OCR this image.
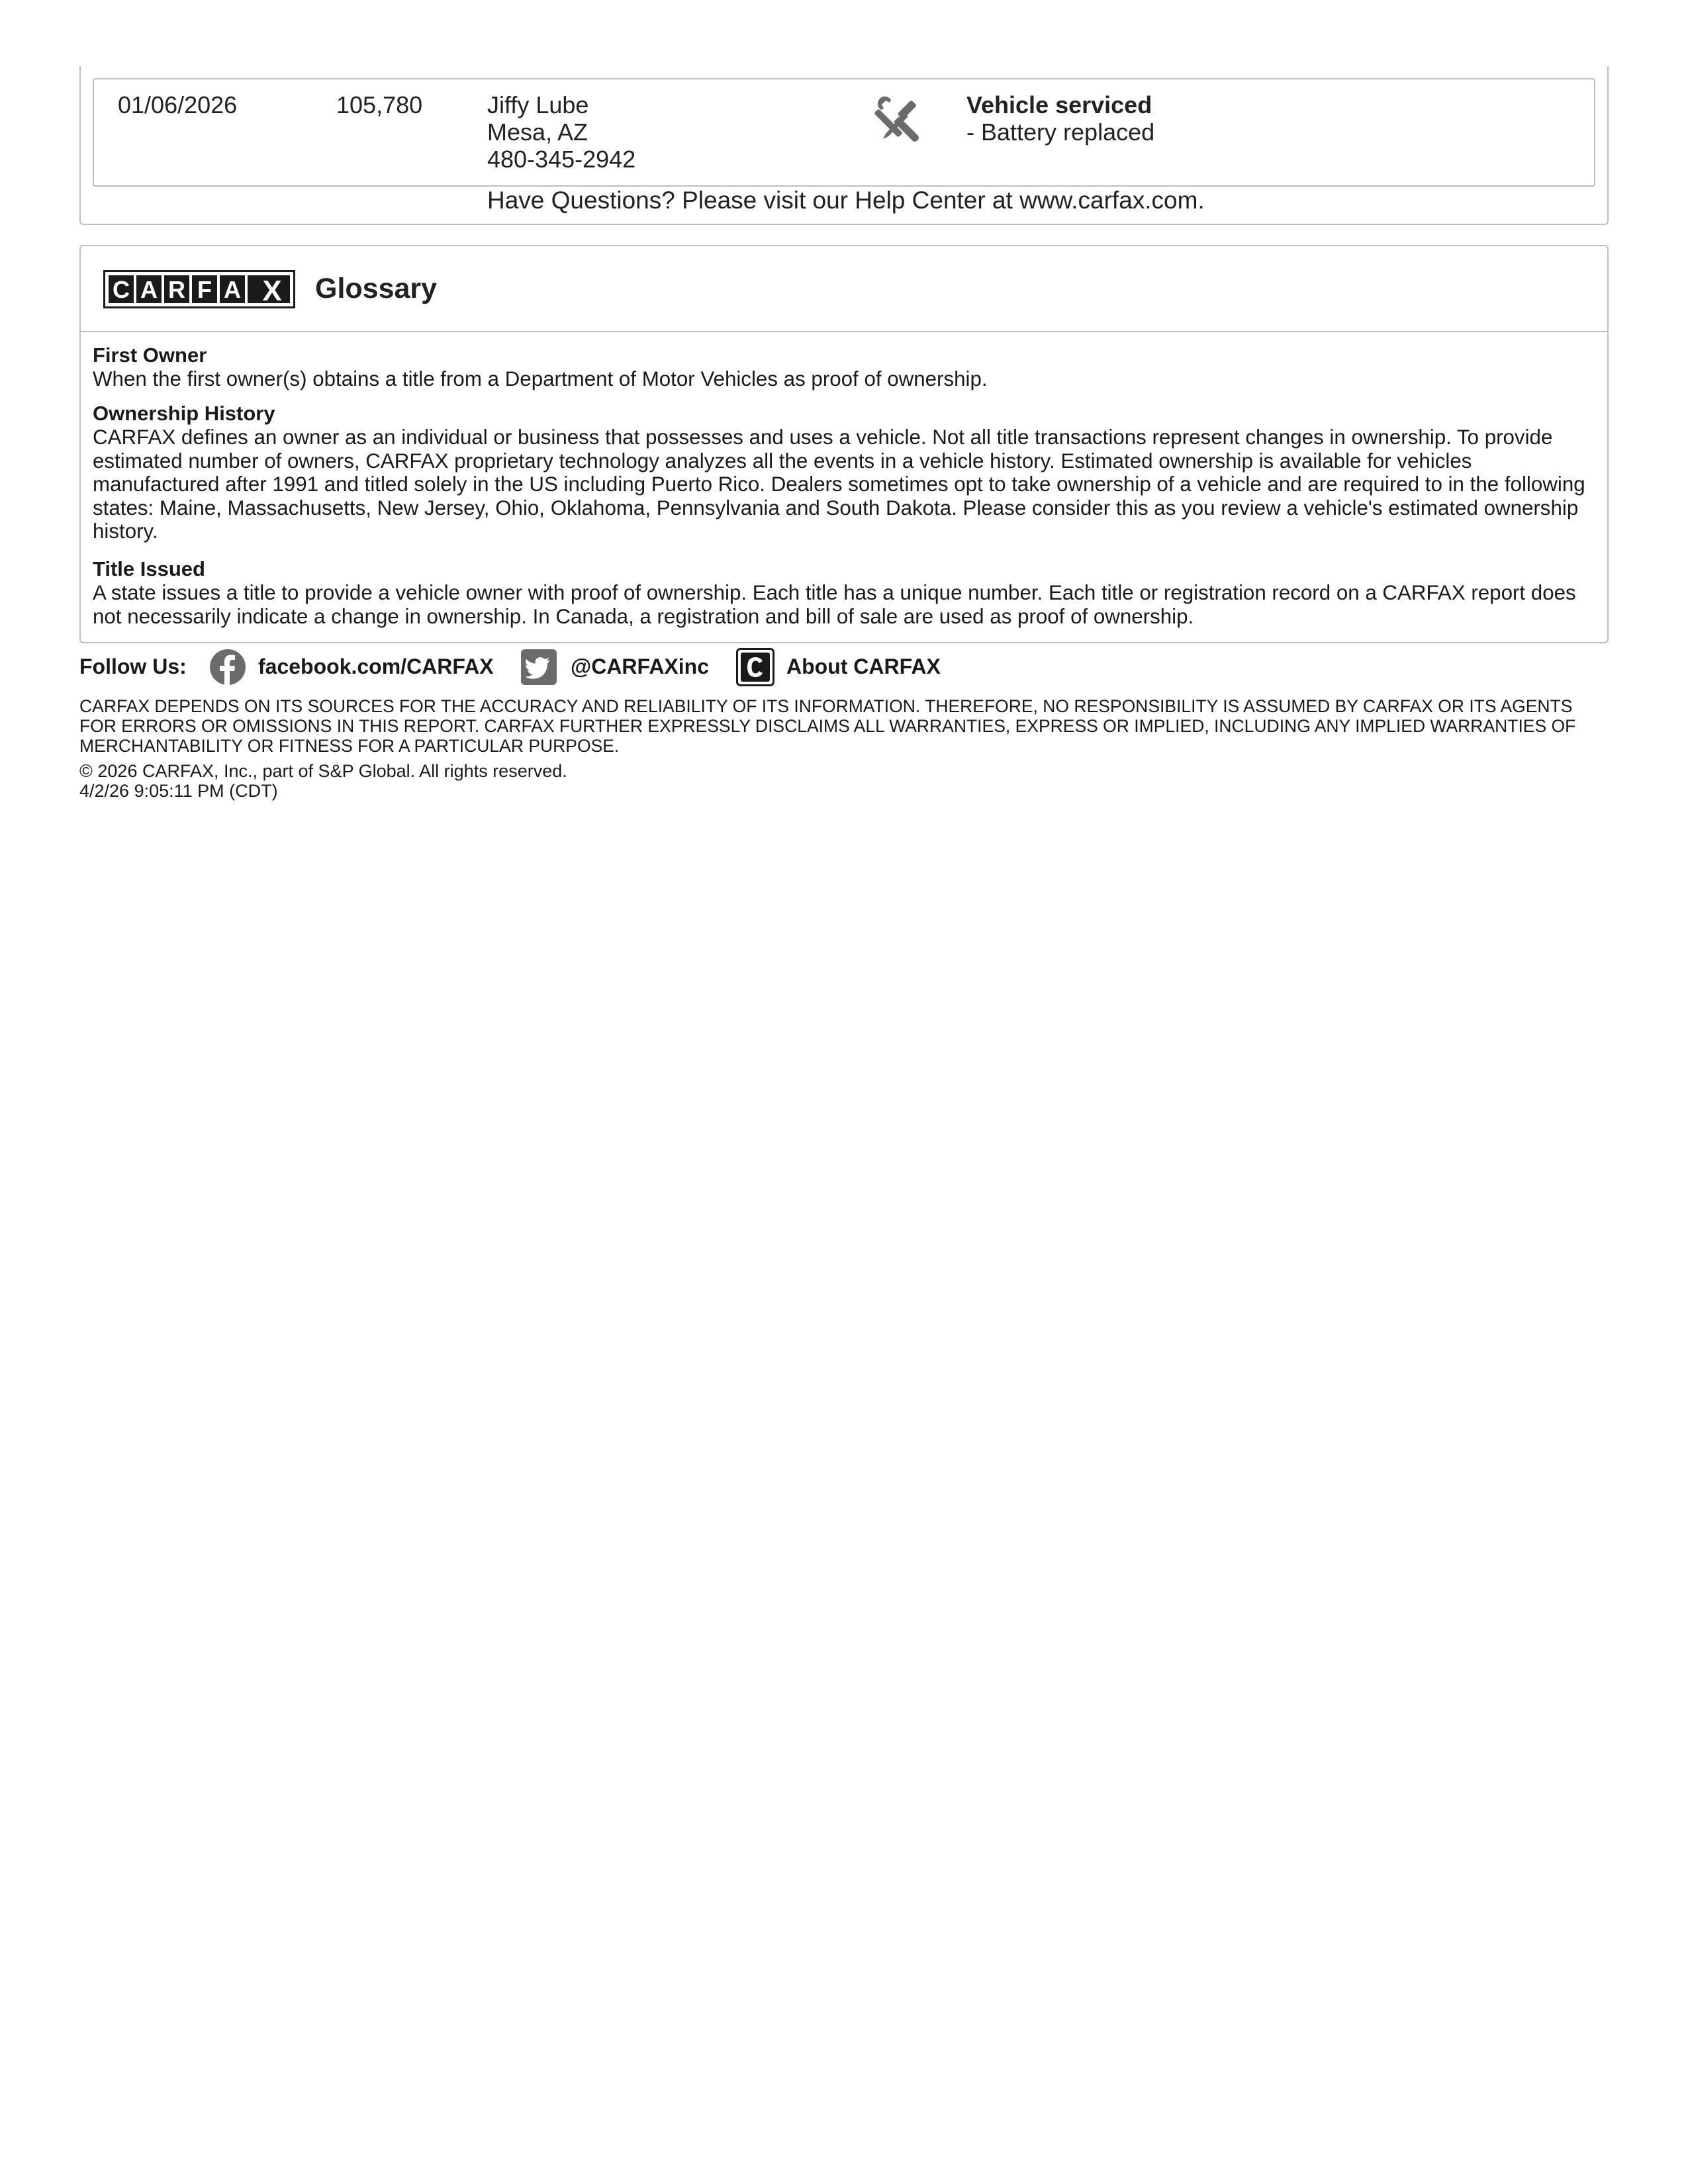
01/06/2026	105,780	Jiffy Lube
Mesa, AZ
480-345-2942
Vehicle serviced
- Battery replaced
Have Questions? Please visit our Help Center at www.carfax.com.
C A R F A X Glossary
First Owner
When the first owner(s) obtains a title from a Department of Motor Vehicles as proof of ownership.
Ownership History
CARFAX defines an owner as an individual or business that possesses and uses a vehicle. Not all title transactions represent changes in ownership. To provide estimated number of owners, CARFAX proprietary technology analyzes all the events in a vehicle history. Estimated ownership is available for vehicles manufactured after 1991 and titled solely in the US including Puerto Rico. Dealers sometimes opt to take ownership of a vehicle and are required to in the following states: Maine, Massachusetts, New Jersey, Ohio, Oklahoma, Pennsylvania and South Dakota. Please consider this as you review a vehicle's estimated ownership history.
Title Issued
A state issues a title to provide a vehicle owner with proof of ownership. Each title has a unique number. Each title or registration record on a CARFAX report does not necessarily indicate a change in ownership. In Canada, a registration and bill of sale are used as proof of ownership.
Follow Us:	facebook.com/CARFAX	@CARFAXinc	About CARFAX
CARFAX DEPENDS ON ITS SOURCES FOR THE ACCURACY AND RELIABILITY OF ITS INFORMATION. THEREFORE, NO RESPONSIBILITY IS ASSUMED BY CARFAX OR ITS AGENTS FOR ERRORS OR OMISSIONS IN THIS REPORT. CARFAX FURTHER EXPRESSLY DISCLAIMS ALL WARRANTIES, EXPRESS OR IMPLIED, INCLUDING ANY IMPLIED WARRANTIES OF MERCHANTABILITY OR FITNESS FOR A PARTICULAR PURPOSE.
© 2026 CARFAX, Inc., part of S&P Global. All rights reserved.
4/2/26 9:05:11 PM (CDT)
